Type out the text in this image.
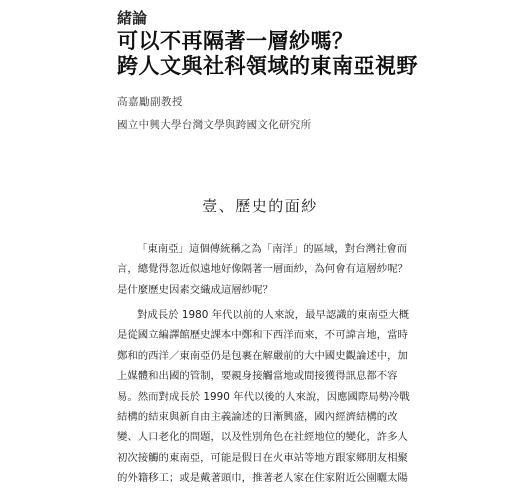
緒論
可以不再隔著一層紗嗎？
跨人文與社科領域的東南亞視野
高嘉勵副教授
國立中興大學台灣文學與跨國文化研究所
壹、歷史的面紗
「東南亞」這個傳統稱之為「南洋」的區域，對台灣社會而
言，總覺得忽近似遠地好像隔著一層面紗，為何會有這層紗呢？
是什麼歷史因素交織成這層紗呢？
對成長於 1980 年代以前的人來說，最早認識的東南亞大概
是從國立編譯館歷史課本中鄭和下西洋而來，不可諱言地，當時
鄭和的西洋／東南亞仍是包裹在解嚴前的大中國史觀論述中，加
上媒體和出國的管制，要親身接觸當地或間接獲得訊息都不容
易。然而對成長於 1990 年代以後的人來說，因應國際局勢冷戰
結構的結束與新自由主義論述的日漸興盛，國內經濟結構的改
變、人口老化的問題，以及性別角色在社經地位的變化，許多人
初次接觸的東南亞，可能是假日在火車站等地方跟家鄉朋友相聚
的外籍移工；或是戴著頭巾，推著老人家在住家附近公園曬太陽
